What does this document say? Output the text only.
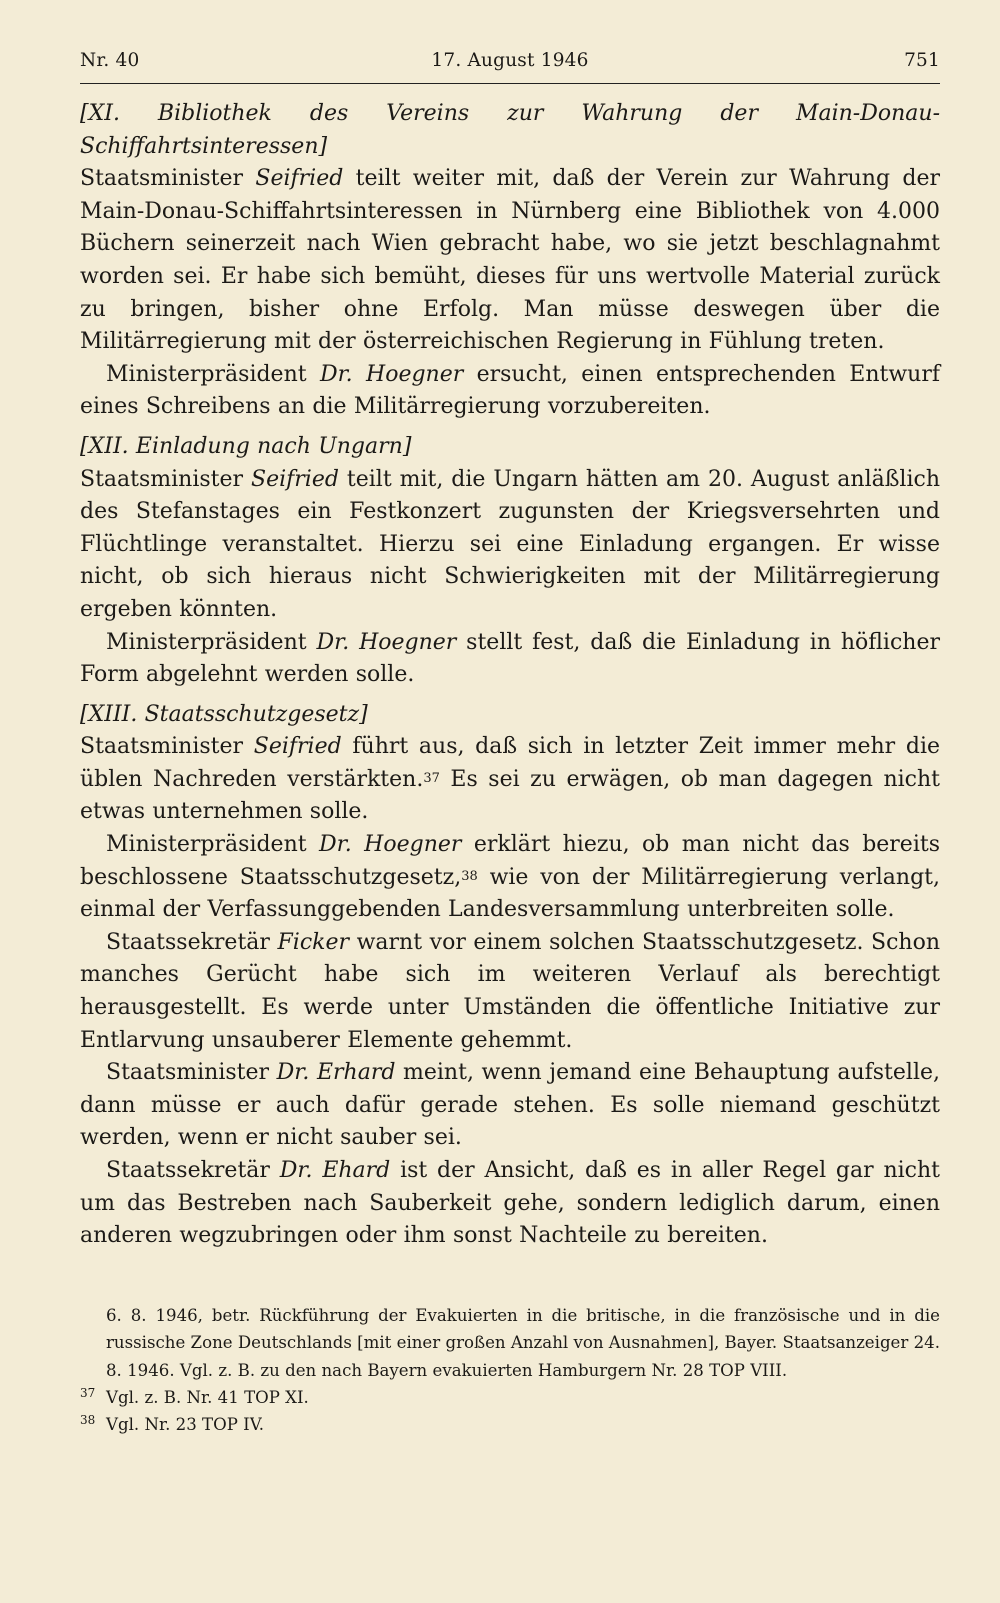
Nr. 40	17. August 1946	751

[XI. Bibliothek des Vereins zur Wahrung der Main-Donau-Schiffahrtsinteressen]

Staatsminister Seifried teilt weiter mit, daß der Verein zur Wahrung der Main-Donau-Schiffahrtsinteressen in Nürnberg eine Bibliothek von 4.000 Büchern seinerzeit nach Wien gebracht habe, wo sie jetzt beschlagnahmt worden sei. Er habe sich bemüht, dieses für uns wertvolle Material zurück zu bringen, bisher ohne Erfolg. Man müsse deswegen über die Militärregierung mit der österreichischen Regierung in Fühlung treten.

Ministerpräsident Dr. Hoegner ersucht, einen entsprechenden Entwurf eines Schreibens an die Militärregierung vorzubereiten.

[XII. Einladung nach Ungarn]

Staatsminister Seifried teilt mit, die Ungarn hätten am 20. August anläßlich des Stefanstages ein Festkonzert zugunsten der Kriegsversehrten und Flüchtlinge veranstaltet. Hierzu sei eine Einladung ergangen. Er wisse nicht, ob sich hieraus nicht Schwierigkeiten mit der Militärregierung ergeben könnten.

Ministerpräsident Dr. Hoegner stellt fest, daß die Einladung in höflicher Form abgelehnt werden solle.

[XIII. Staatsschutzgesetz]

Staatsminister Seifried führt aus, daß sich in letzter Zeit immer mehr die üblen Nachreden verstärkten.$^{37}$ Es sei zu erwägen, ob man dagegen nicht etwas unternehmen solle.

Ministerpräsident Dr. Hoegner erklärt hiezu, ob man nicht das bereits beschlossene Staatsschutzgesetz,$^{38}$ wie von der Militärregierung verlangt, einmal der Verfassunggebenden Landesversammlung unterbreiten solle.

Staatssekretär Ficker warnt vor einem solchen Staatsschutzgesetz. Schon manches Gerücht habe sich im weiteren Verlauf als berechtigt herausgestellt. Es werde unter Umständen die öffentliche Initiative zur Entlarvung unsauberer Elemente gehemmt.

Staatsminister Dr. Erhard meint, wenn jemand eine Behauptung aufstelle, dann müsse er auch dafür gerade stehen. Es solle niemand geschützt werden, wenn er nicht sauber sei.

Staatssekretär Dr. Ehard ist der Ansicht, daß es in aller Regel gar nicht um das Bestreben nach Sauberkeit gehe, sondern lediglich darum, einen anderen wegzubringen oder ihm sonst Nachteile zu bereiten.

6. 8. 1946, betr. Rückführung der Evakuierten in die britische, in die französische und in die russische Zone Deutschlands [mit einer großen Anzahl von Ausnahmen], Bayer. Staatsanzeiger 24. 8. 1946. Vgl. z. B. zu den nach Bayern evakuierten Hamburgern Nr. 28 TOP VIII.

37 Vgl. z. B. Nr. 41 TOP XI.

38 Vgl. Nr. 23 TOP IV.
